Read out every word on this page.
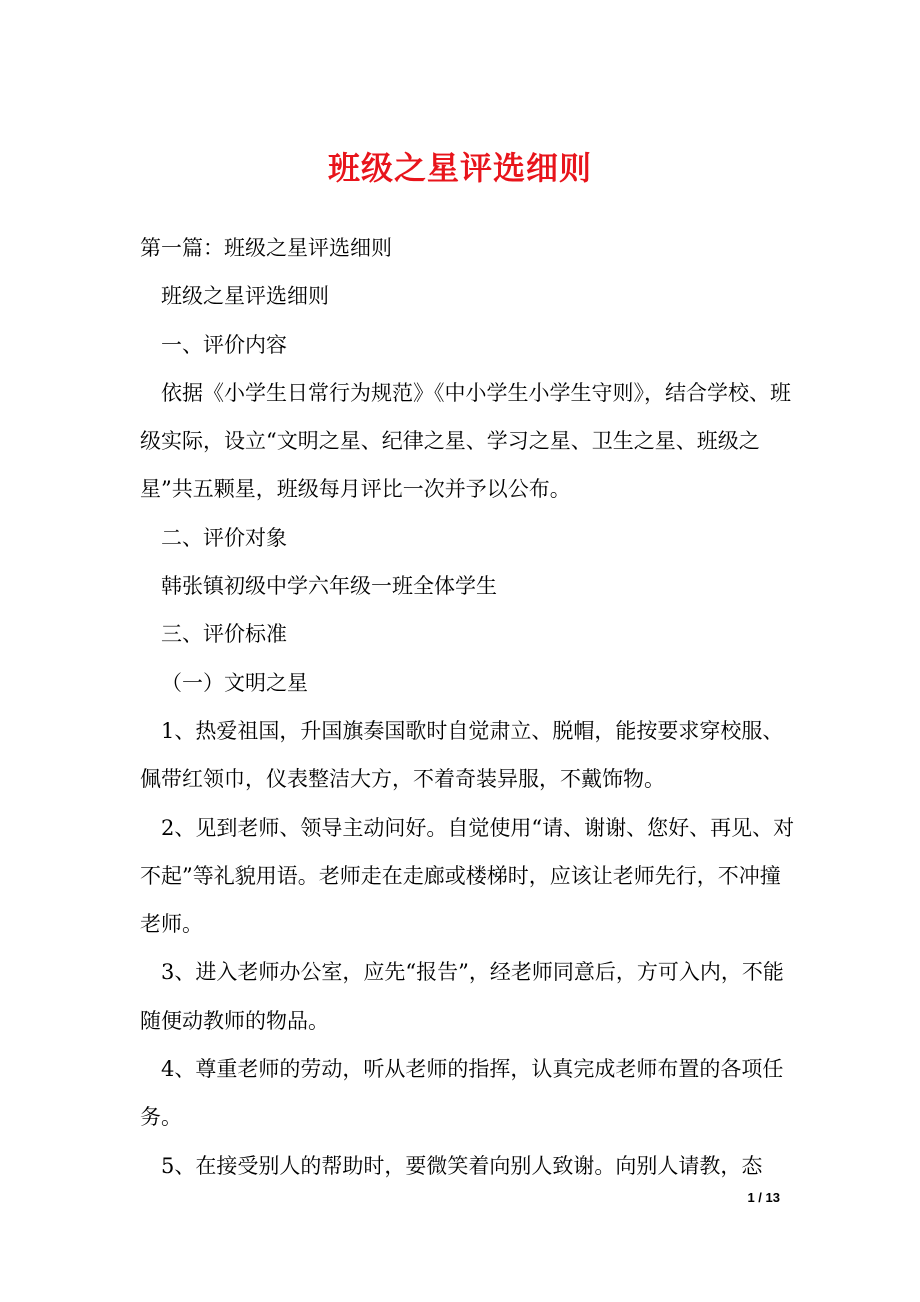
班级之星评选细则

第一篇：班级之星评选细则

班级之星评选细则

一、评价内容

依据《小学生日常行为规范》《中小学生小学生守则》，结合学校、班级实际，设立“文明之星、纪律之星、学习之星、卫生之星、班级之星”共五颗星，班级每月评比一次并予以公布。

二、评价对象

韩张镇初级中学六年级一班全体学生

三、评价标准

（一）文明之星

1、热爱祖国，升国旗奏国歌时自觉肃立、脱帽，能按要求穿校服、佩带红领巾，仪表整洁大方，不着奇装异服，不戴饰物。

2、见到老师、领导主动问好。自觉使用“请、谢谢、您好、再见、对不起”等礼貌用语。老师走在走廊或楼梯时，应该让老师先行，不冲撞老师。

3、进入老师办公室，应先“报告”，经老师同意后，方可入内，不能随便动教师的物品。

4、尊重老师的劳动，听从老师的指挥，认真完成老师布置的各项任务。

5、在接受别人的帮助时，要微笑着向别人致谢。向别人请教，态

1 / 13
